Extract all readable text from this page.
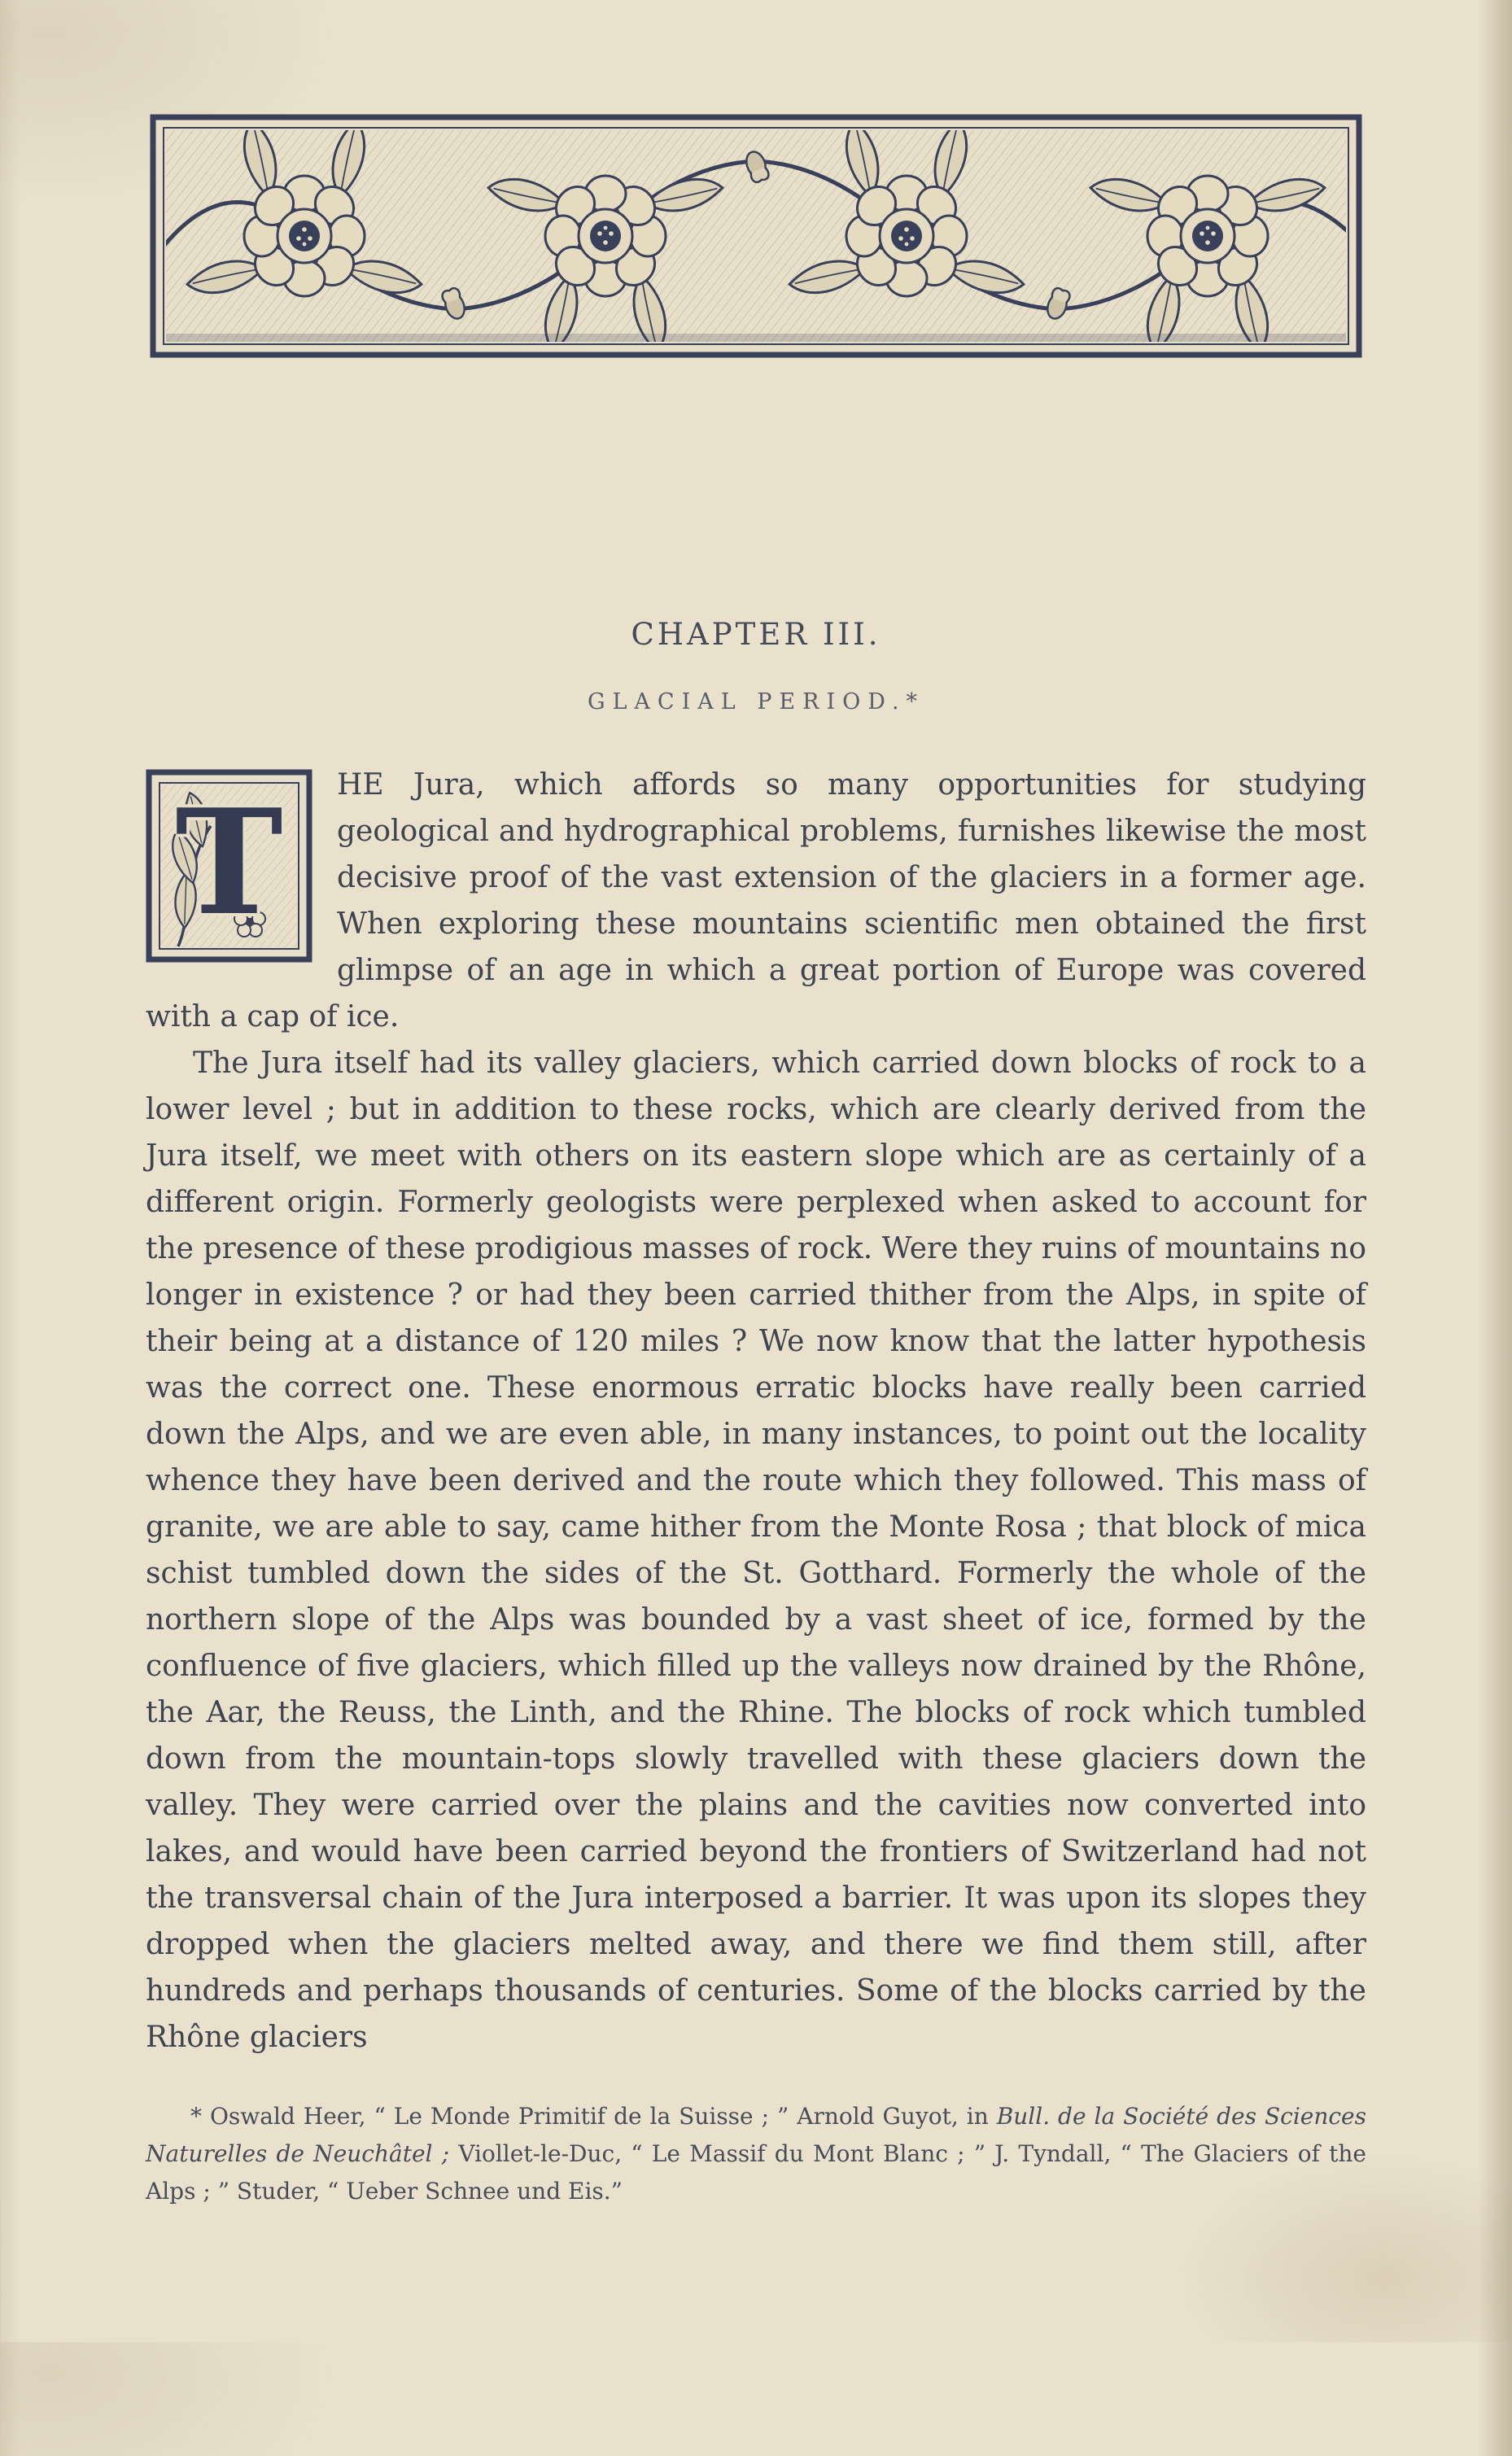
CHAPTER III.
GLACIAL PERIOD.*

T	HE Jura, which affords so many opportunities for studying geological and hydrographical problems, furnishes likewise the most decisive proof of the vast extension of the glaciers in a former age. When exploring these mountains scientific men obtained the first glimpse of an age in which a great portion of Europe was covered with a cap of ice.

The Jura itself had its valley glaciers, which carried down blocks of rock to a lower level ; but in addition to these rocks, which are clearly derived from the Jura itself, we meet with others on its eastern slope which are as certainly of a different origin. Formerly geologists were perplexed when asked to account for the presence of these prodigious masses of rock. Were they ruins of mountains no longer in existence ? or had they been carried thither from the Alps, in spite of their being at a distance of 120 miles ? We now know that the latter hypothesis was the correct one. These enormous erratic blocks have really been carried down the Alps, and we are even able, in many instances, to point out the locality whence they have been derived and the route which they followed. This mass of granite, we are able to say, came hither from the Monte Rosa ; that block of mica schist tumbled down the sides of the St. Gotthard. Formerly the whole of the northern slope of the Alps was bounded by a vast sheet of ice, formed by the confluence of five glaciers, which filled up the valleys now drained by the Rhône, the Aar, the Reuss, the Linth, and the Rhine. The blocks of rock which tumbled down from the mountain-tops slowly travelled with these glaciers down the valley. They were carried over the plains and the cavities now converted into lakes, and would have been carried beyond the frontiers of Switzerland had not the transversal chain of the Jura interposed a barrier. It was upon its slopes they dropped when the glaciers melted away, and there we find them still, after hundreds and perhaps thousands of centuries. Some of the blocks carried by the Rhône glaciers

* Oswald Heer, “ Le Monde Primitif de la Suisse ; ” Arnold Guyot, in Bull. de la Société des Sciences Naturelles de Neuchâtel ; Viollet-le-Duc, “ Le Massif du Mont Blanc ; ” J. Tyndall, “ The Glaciers of the Alps ; ” Studer, “ Ueber Schnee und Eis.”
